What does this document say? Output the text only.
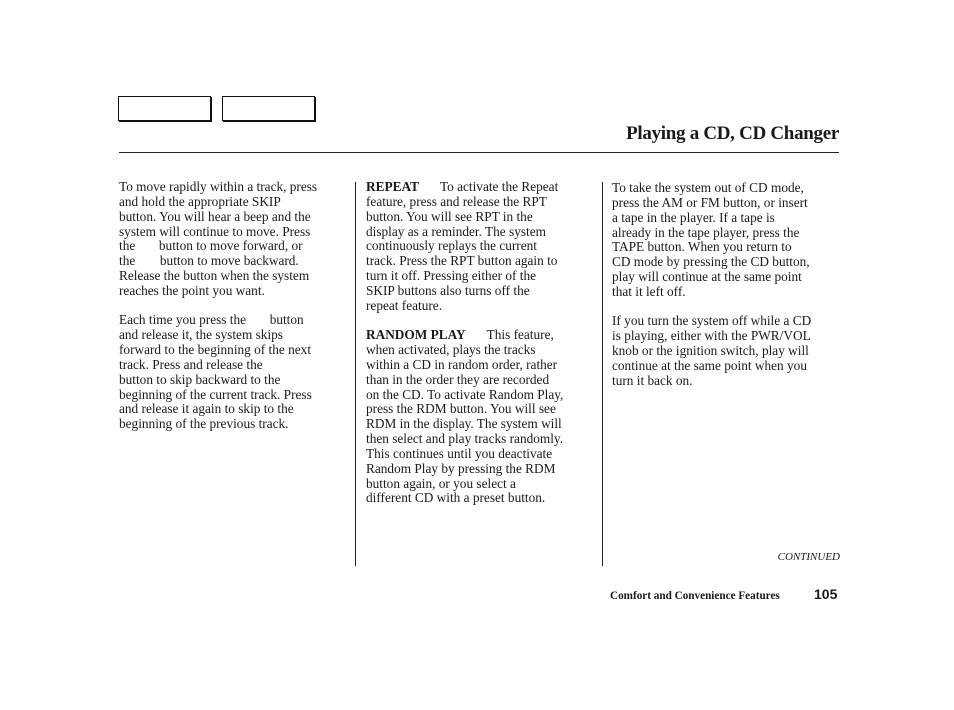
Playing a CD, CD Changer

To move rapidly within a track, press
and hold the appropriate SKIP
button. You will hear a beep and the
system will continue to move. Press
the button to move forward, or
the button to move backward.
Release the button when the system
reaches the point you want.

Each time you press the button
and release it, the system skips
forward to the beginning of the next
track. Press and release the
button to skip backward to the
beginning of the current track. Press
and release it again to skip to the
beginning of the previous track.

REPEAT To activate the Repeat
feature, press and release the RPT
button. You will see RPT in the
display as a reminder. The system
continuously replays the current
track. Press the RPT button again to
turn it off. Pressing either of the
SKIP buttons also turns off the
repeat feature.

RANDOM PLAY This feature,
when activated, plays the tracks
within a CD in random order, rather
than in the order they are recorded
on the CD. To activate Random Play,
press the RDM button. You will see
RDM in the display. The system will
then select and play tracks randomly.
This continues until you deactivate
Random Play by pressing the RDM
button again, or you select a
different CD with a preset button.

To take the system out of CD mode,
press the AM or FM button, or insert
a tape in the player. If a tape is
already in the tape player, press the
TAPE button. When you return to
CD mode by pressing the CD button,
play will continue at the same point
that it left off.

If you turn the system off while a CD
is playing, either with the PWR/VOL
knob or the ignition switch, play will
continue at the same point when you
turn it back on.

CONTINUED
Comfort and Convenience Features 105
